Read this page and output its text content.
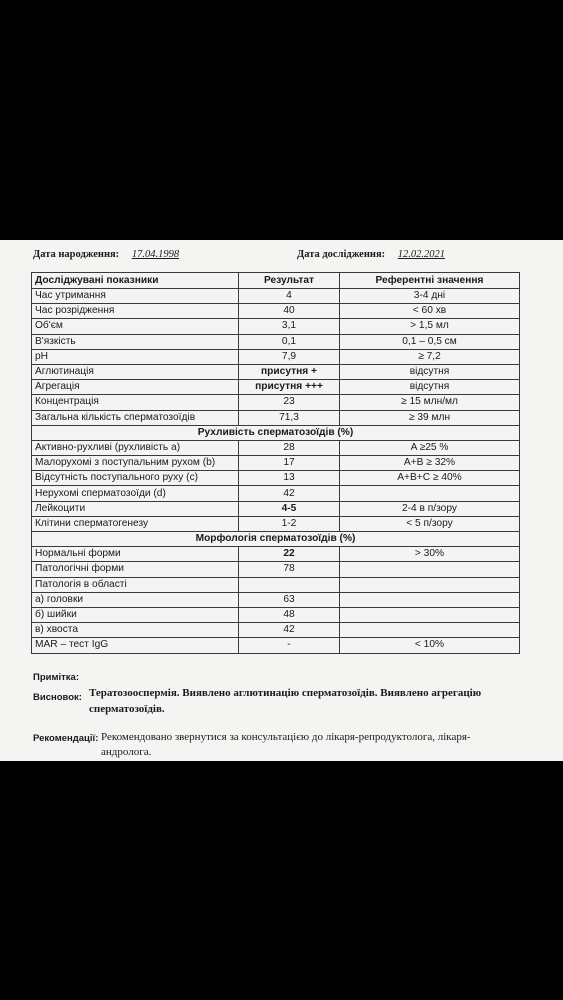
Дата народження: 17.04.1998	Дата дослідження: 12.02.2021
Досліджувані показники	Результат	Референтні значення
Час утримання	4	3-4 дні
Час розрідження	40	< 60 хв
Об'єм	3,1	> 1,5 мл
В'язкість	0,1	0,1 – 0,5 см
pH	7,9	≥ 7,2
Аглютинація	присутня +	відсутня
Агрегація	присутня +++	відсутня
Концентрація	23	≥ 15 млн/мл
Загальна кількість сперматозоїдів	71,3	≥ 39 млн
Рухливість сперматозоїдів (%)		
Активно-рухливі (рухливість a)	28	A ≥25 %
Малорухомі з поступальним рухом (b)	17	A+B ≥ 32%
Відсутність поступального руху (c)	13	A+B+C ≥ 40%
Нерухомі сперматозоїди (d)	42	
Лейкоцити	4-5	2-4 в п/зору
Клітини сперматогенезу	1-2	< 5 п/зору
Морфологія сперматозоїдів (%)		
Нормальні форми	22	> 30%
Патологічні форми	78	
Патологія в області		
а) головки	63	
б) шийки	48	
в) хвоста	42	
MAR – тест IgG	-	< 10%
Примітка:
Висновок: Тератозооспермія. Виявлено аглютинацію сперматозоїдів. Виявлено агрегацію сперматозоїдів.
Рекомендації: Рекомендовано звернутися за консультацією до лікаря-репродуктолога, лікаря-андролога.
